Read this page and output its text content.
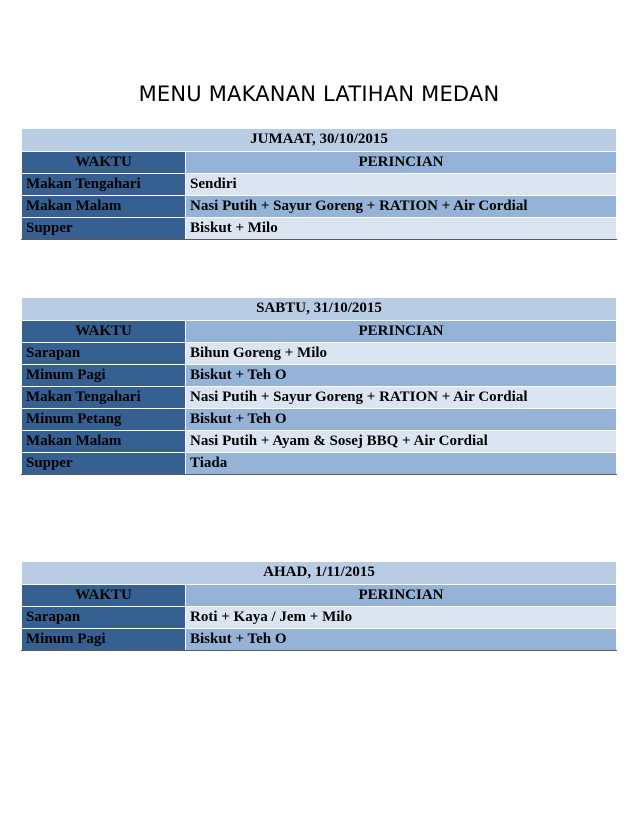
MENU MAKANAN LATIHAN MEDAN
JUMAAT, 30/10/2015	
WAKTU	PERINCIAN
Makan Tengahari	Sendiri
Makan Malam	Nasi Putih + Sayur Goreng + RATION + Air Cordial
Supper	Biskut + Milo
SABTU, 31/10/2015	
WAKTU	PERINCIAN
Sarapan	Bihun Goreng + Milo
Minum Pagi	Biskut + Teh O
Makan Tengahari	Nasi Putih + Sayur Goreng + RATION + Air Cordial
Minum Petang	Biskut + Teh O
Makan Malam	Nasi Putih + Ayam & Sosej BBQ + Air Cordial
Supper	Tiada
AHAD, 1/11/2015	
WAKTU	PERINCIAN
Sarapan	Roti + Kaya / Jem + Milo
Minum Pagi	Biskut + Teh O
